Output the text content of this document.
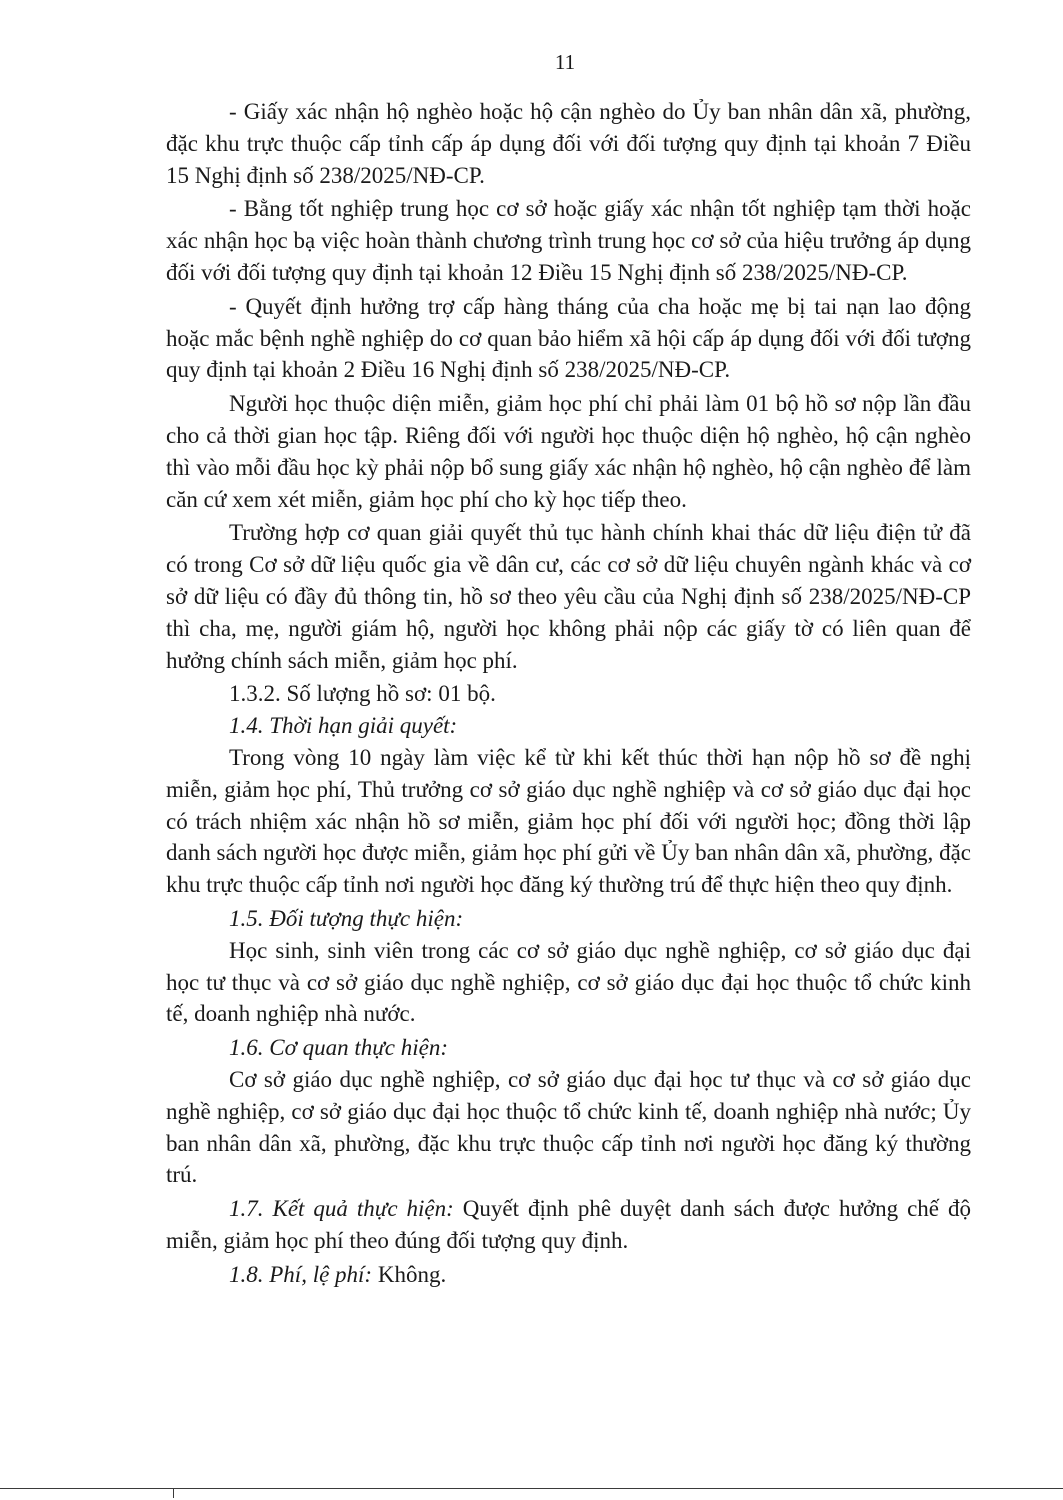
11

- Giấy xác nhận hộ nghèo hoặc hộ cận nghèo do Ủy ban nhân dân xã, phường, đặc khu trực thuộc cấp tỉnh cấp áp dụng đối với đối tượng quy định tại khoản 7 Điều 15 Nghị định số 238/2025/NĐ-CP.

- Bằng tốt nghiệp trung học cơ sở hoặc giấy xác nhận tốt nghiệp tạm thời hoặc xác nhận học bạ việc hoàn thành chương trình trung học cơ sở của hiệu trưởng áp dụng đối với đối tượng quy định tại khoản 12 Điều 15 Nghị định số 238/2025/NĐ-CP.

- Quyết định hưởng trợ cấp hàng tháng của cha hoặc mẹ bị tai nạn lao động hoặc mắc bệnh nghề nghiệp do cơ quan bảo hiểm xã hội cấp áp dụng đối với đối tượng quy định tại khoản 2 Điều 16 Nghị định số 238/2025/NĐ-CP.

Người học thuộc diện miễn, giảm học phí chỉ phải làm 01 bộ hồ sơ nộp lần đầu cho cả thời gian học tập. Riêng đối với người học thuộc diện hộ nghèo, hộ cận nghèo thì vào mỗi đầu học kỳ phải nộp bổ sung giấy xác nhận hộ nghèo, hộ cận nghèo để làm căn cứ xem xét miễn, giảm học phí cho kỳ học tiếp theo.

Trường hợp cơ quan giải quyết thủ tục hành chính khai thác dữ liệu điện tử đã có trong Cơ sở dữ liệu quốc gia về dân cư, các cơ sở dữ liệu chuyên ngành khác và cơ sở dữ liệu có đầy đủ thông tin, hồ sơ theo yêu cầu của Nghị định số 238/2025/NĐ-CP thì cha, mẹ, người giám hộ, người học không phải nộp các giấy tờ có liên quan để hưởng chính sách miễn, giảm học phí.

1.3.2. Số lượng hồ sơ: 01 bộ.

1.4. Thời hạn giải quyết:

Trong vòng 10 ngày làm việc kể từ khi kết thúc thời hạn nộp hồ sơ đề nghị miễn, giảm học phí, Thủ trưởng cơ sở giáo dục nghề nghiệp và cơ sở giáo dục đại học có trách nhiệm xác nhận hồ sơ miễn, giảm học phí đối với người học; đồng thời lập danh sách người học được miễn, giảm học phí gửi về Ủy ban nhân dân xã, phường, đặc khu trực thuộc cấp tỉnh nơi người học đăng ký thường trú để thực hiện theo quy định.

1.5. Đối tượng thực hiện:

Học sinh, sinh viên trong các cơ sở giáo dục nghề nghiệp, cơ sở giáo dục đại học tư thục và cơ sở giáo dục nghề nghiệp, cơ sở giáo dục đại học thuộc tổ chức kinh tế, doanh nghiệp nhà nước.

1.6. Cơ quan thực hiện:

Cơ sở giáo dục nghề nghiệp, cơ sở giáo dục đại học tư thục và cơ sở giáo dục nghề nghiệp, cơ sở giáo dục đại học thuộc tổ chức kinh tế, doanh nghiệp nhà nước; Ủy ban nhân dân xã, phường, đặc khu trực thuộc cấp tỉnh nơi người học đăng ký thường trú.

1.7. Kết quả thực hiện: Quyết định phê duyệt danh sách được hưởng chế độ miễn, giảm học phí theo đúng đối tượng quy định.

1.8. Phí, lệ phí: Không.
